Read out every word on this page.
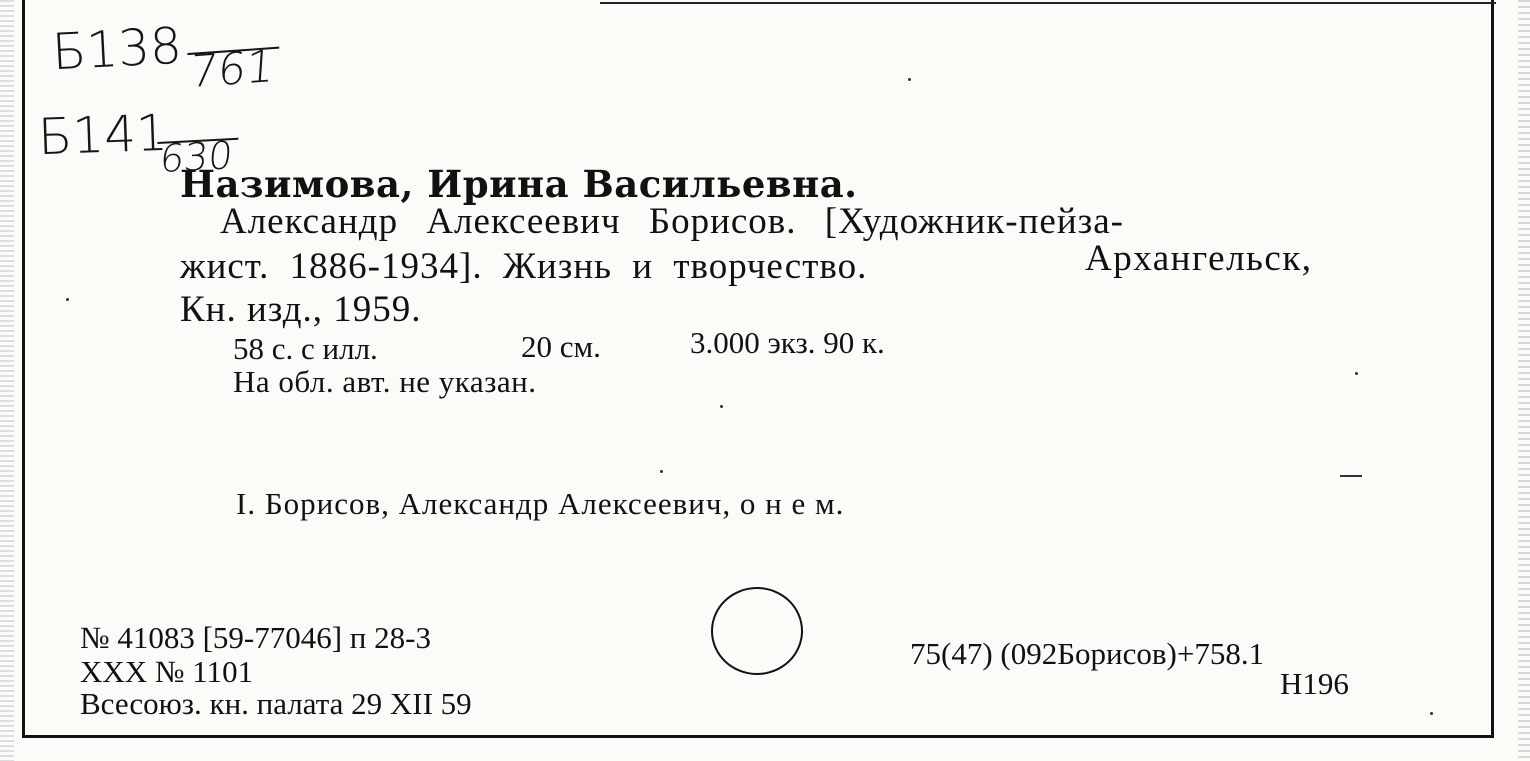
Б138 761
Б141
630
Назимова, Ирина Васильевна.
Александр Алексеевич Борисов. [Художник-пейза-
жист. 1886-1934]. Жизнь и творчество.	Архангельск,
Кн. изд., 1959.
58 с. с илл.	20 см.	3.000 экз. 90 к.
На обл. авт. не указан.
I. Борисов, Александр Алексеевич, о н е м.
№ 41083 [59-77046] п 28-3
ХХХ № 1101
Всесоюз. кн. палата 29 XII 59
75(47) (092Борисов)+758.1
Н196
